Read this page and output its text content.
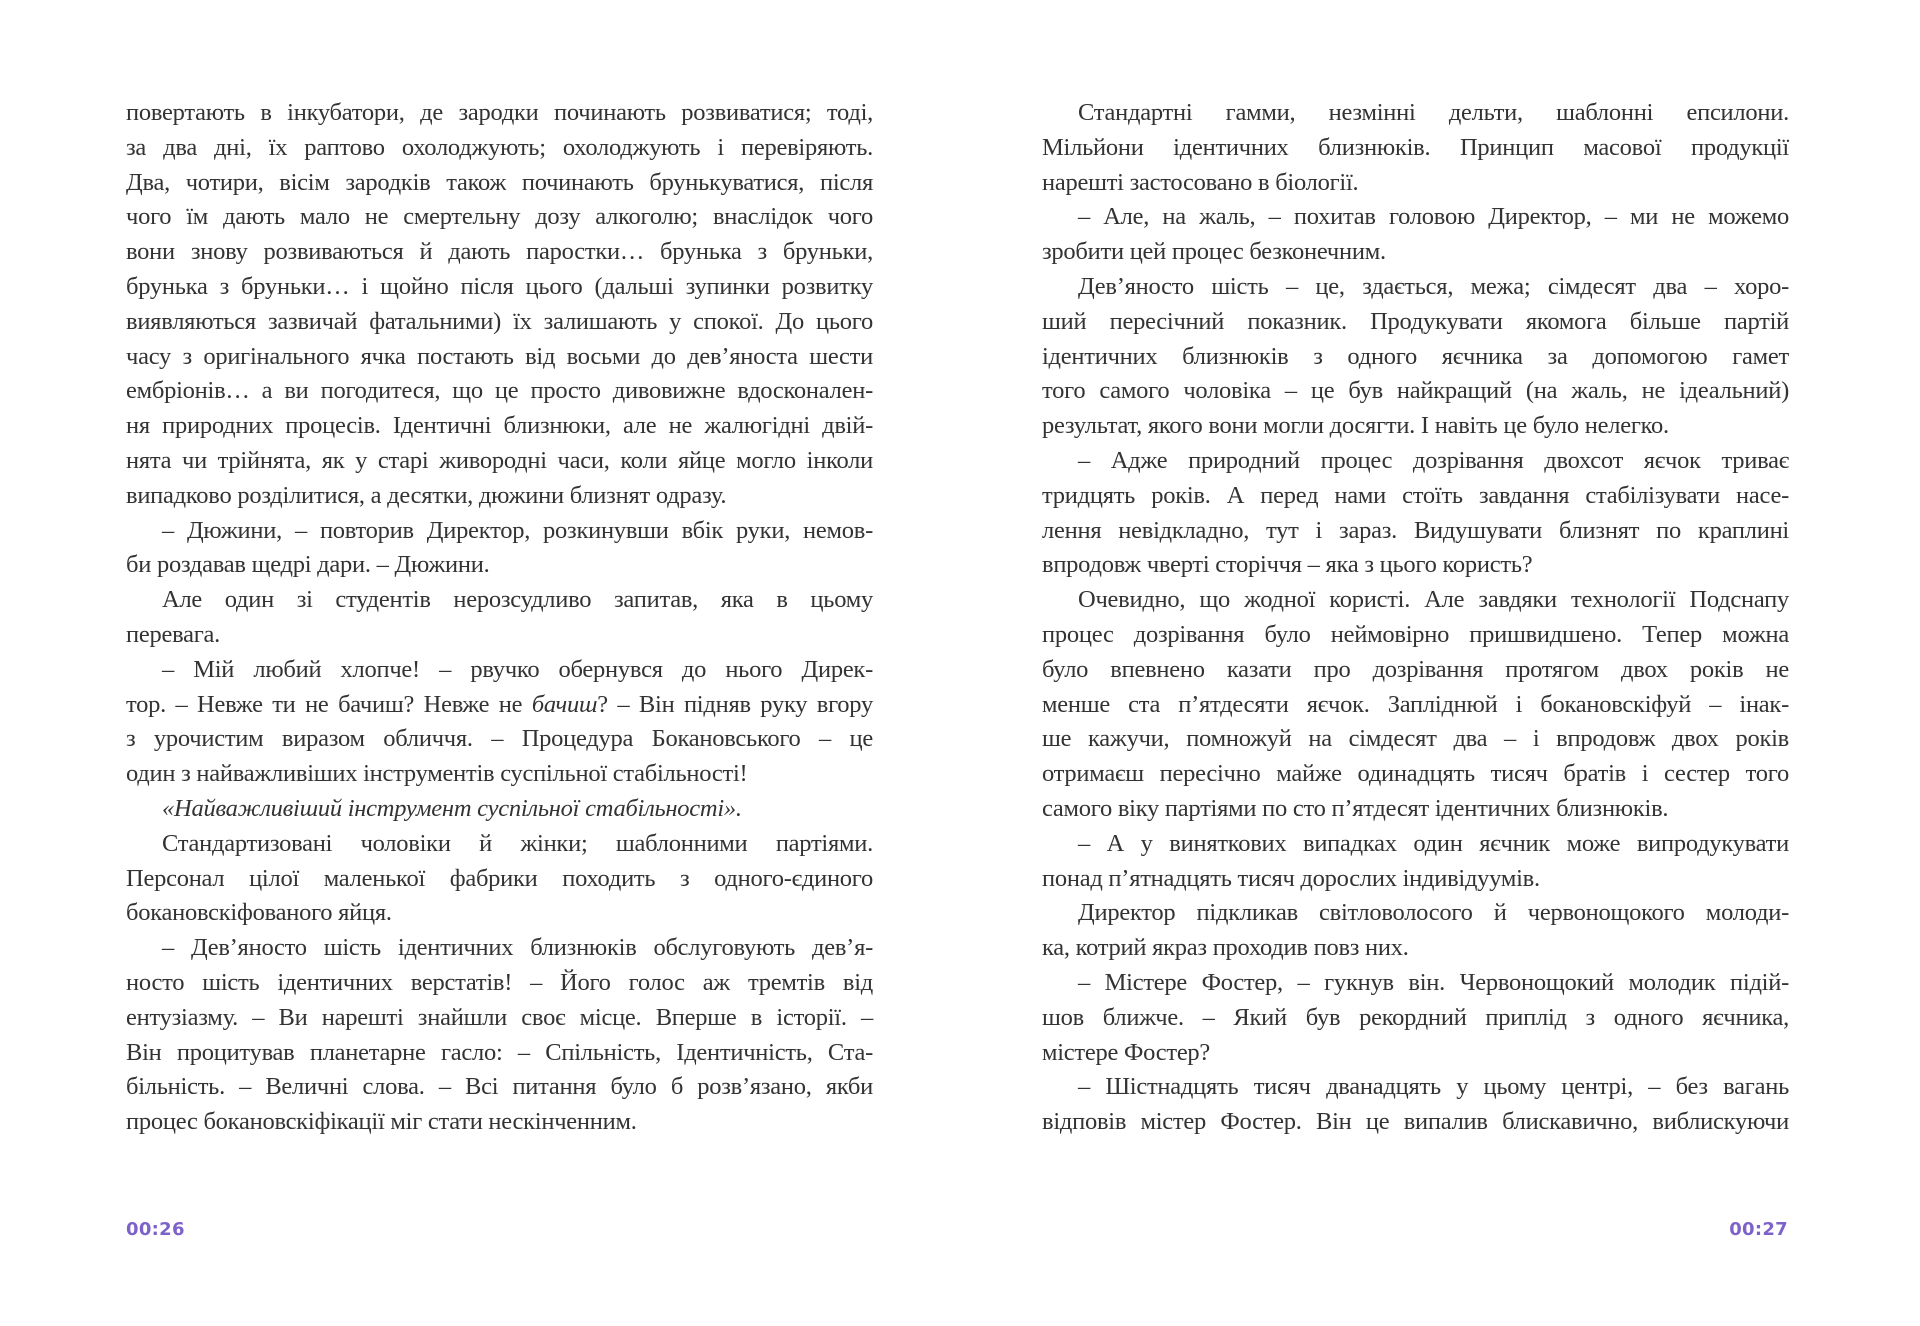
повертають в інкубатори, де зародки починають розвиватися; тоді,
за два дні, їх раптово охолоджують; охолоджують і перевіряють.
Два, чотири, вісім зародків також починають брунькуватися, після
чого їм дають мало не смертельну дозу алкоголю; внаслідок чого
вони знову розвиваються й дають паростки… брунька з бруньки,
брунька з бруньки… і щойно після цього (дальші зупинки розвитку
виявляються зазвичай фатальними) їх залишають у спокої. До цього
часу з оригінального ячка постають від восьми до дев’яноста шести
ембріонів… а ви погодитеся, що це просто дивовижне вдосконален-
ня природних процесів. Ідентичні близнюки, але не жалюгідні двій-
нята чи трійнята, як у старі живородні часи, коли яйце могло інколи
випадково розділитися, а десятки, дюжини близнят одразу.
– Дюжини, – повторив Директор, розкинувши вбік руки, немов-
би роздавав щедрі дари. – Дюжини.
Але один зі студентів нерозсудливо запитав, яка в цьому
перевага.
– Мій любий хлопче! – рвучко обернувся до нього Дирек-
тор. – Невже ти не бачиш? Невже не бачиш? – Він підняв руку вгору
з урочистим виразом обличчя. – Процедура Бокановського – це
один з найважливіших інструментів суспільної стабільності!
«Найважливіший інструмент суспільної стабільності».
Стандартизовані чоловіки й жінки; шаблонними партіями.
Персонал цілої маленької фабрики походить з одного-єдиного
бокановскіфованого яйця.
– Дев’яносто шість ідентичних близнюків обслуговують дев’я-
носто шість ідентичних верстатів! – Його голос аж тремтів від
ентузіазму. – Ви нарешті знайшли своє місце. Вперше в історії. –
Він процитував планетарне гасло: – Спільність, Ідентичність, Ста-
більність. – Величні слова. – Всі питання було б розв’язано, якби
процес бокановскіфікації міг стати нескінченним.
Стандартні гамми, незмінні дельти, шаблонні епсилони.
Мільйони ідентичних близнюків. Принцип масової продукції
нарешті застосовано в біології.
– Але, на жаль, – похитав головою Директор, – ми не можемо
зробити цей процес безконечним.
Дев’яносто шість – це, здається, межа; сімдесят два – хоро-
ший пересічний показник. Продукувати якомога більше партій
ідентичних близнюків з одного яєчника за допомогою гамет
того самого чоловіка – це був найкращий (на жаль, не ідеальний)
результат, якого вони могли досягти. І навіть це було нелегко.
– Адже природний процес дозрівання двохсот яєчок триває
тридцять років. А перед нами стоїть завдання стабілізувати насе-
лення невідкладно, тут і зараз. Видушувати близнят по краплині
впродовж чверті сторіччя – яка з цього користь?
Очевидно, що жодної користі. Але завдяки технології Подснапу
процес дозрівання було неймовірно пришвидшено. Тепер можна
було впевнено казати про дозрівання протягом двох років не
менше ста п’ятдесяти яєчок. Запліднюй і бокановскіфуй – інак-
ше кажучи, помножуй на сімдесят два – і впродовж двох років
отримаєш пересічно майже одинадцять тисяч братів і сестер того
самого віку партіями по сто п’ятдесят ідентичних близнюків.
– А у виняткових випадках один яєчник може випродукувати
понад п’ятнадцять тисяч дорослих індивідуумів.
Директор підкликав світловолосого й червонощокого молоди-
ка, котрий якраз проходив повз них.
– Містере Фостер, – гукнув він. Червонощокий молодик підій-
шов ближче. – Який був рекордний приплід з одного яєчника,
містере Фостер?
– Шістнадцять тисяч дванадцять у цьому центрі, – без вагань
відповів містер Фостер. Він це випалив блискавично, виблискуючи
00:26	00:27
